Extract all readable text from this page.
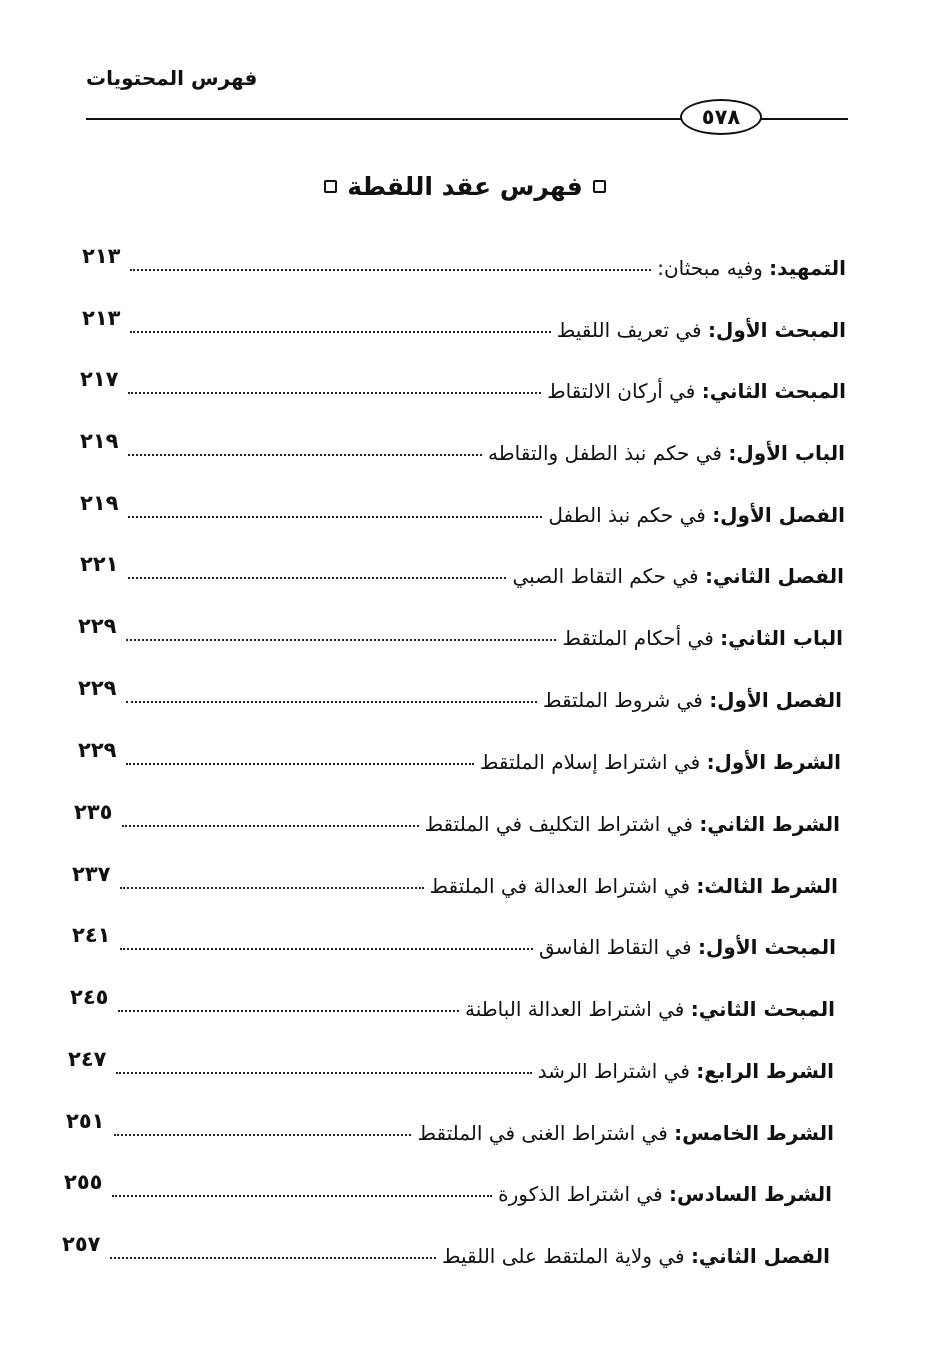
فهرس المحتويات
٥٧٨
فهرس عقد اللقطة
التمهيد: وفيه مبحثان:
٢١٣
المبحث الأول: في تعريف اللقيط
٢١٣
المبحث الثاني: في أركان الالتقاط
٢١٧
الباب الأول: في حكم نبذ الطفل والتقاطه
٢١٩
الفصل الأول: في حكم نبذ الطفل
٢١٩
الفصل الثاني: في حكم التقاط الصبي
٢٢١
الباب الثاني: في أحكام الملتقط
٢٢٩
الفصل الأول: في شروط الملتقط
٢٢٩
الشرط الأول: في اشتراط إسلام الملتقط
٢٢٩
الشرط الثاني: في اشتراط التكليف في الملتقط
٢٣٥
الشرط الثالث: في اشتراط العدالة في الملتقط
٢٣٧
المبحث الأول: في التقاط الفاسق
٢٤١
المبحث الثاني: في اشتراط العدالة الباطنة
٢٤٥
الشرط الرابع: في اشتراط الرشد
٢٤٧
الشرط الخامس: في اشتراط الغنى في الملتقط
٢٥١
الشرط السادس: في اشتراط الذكورة
٢٥٥
الفصل الثاني: في ولاية الملتقط على اللقيط
٢٥٧
